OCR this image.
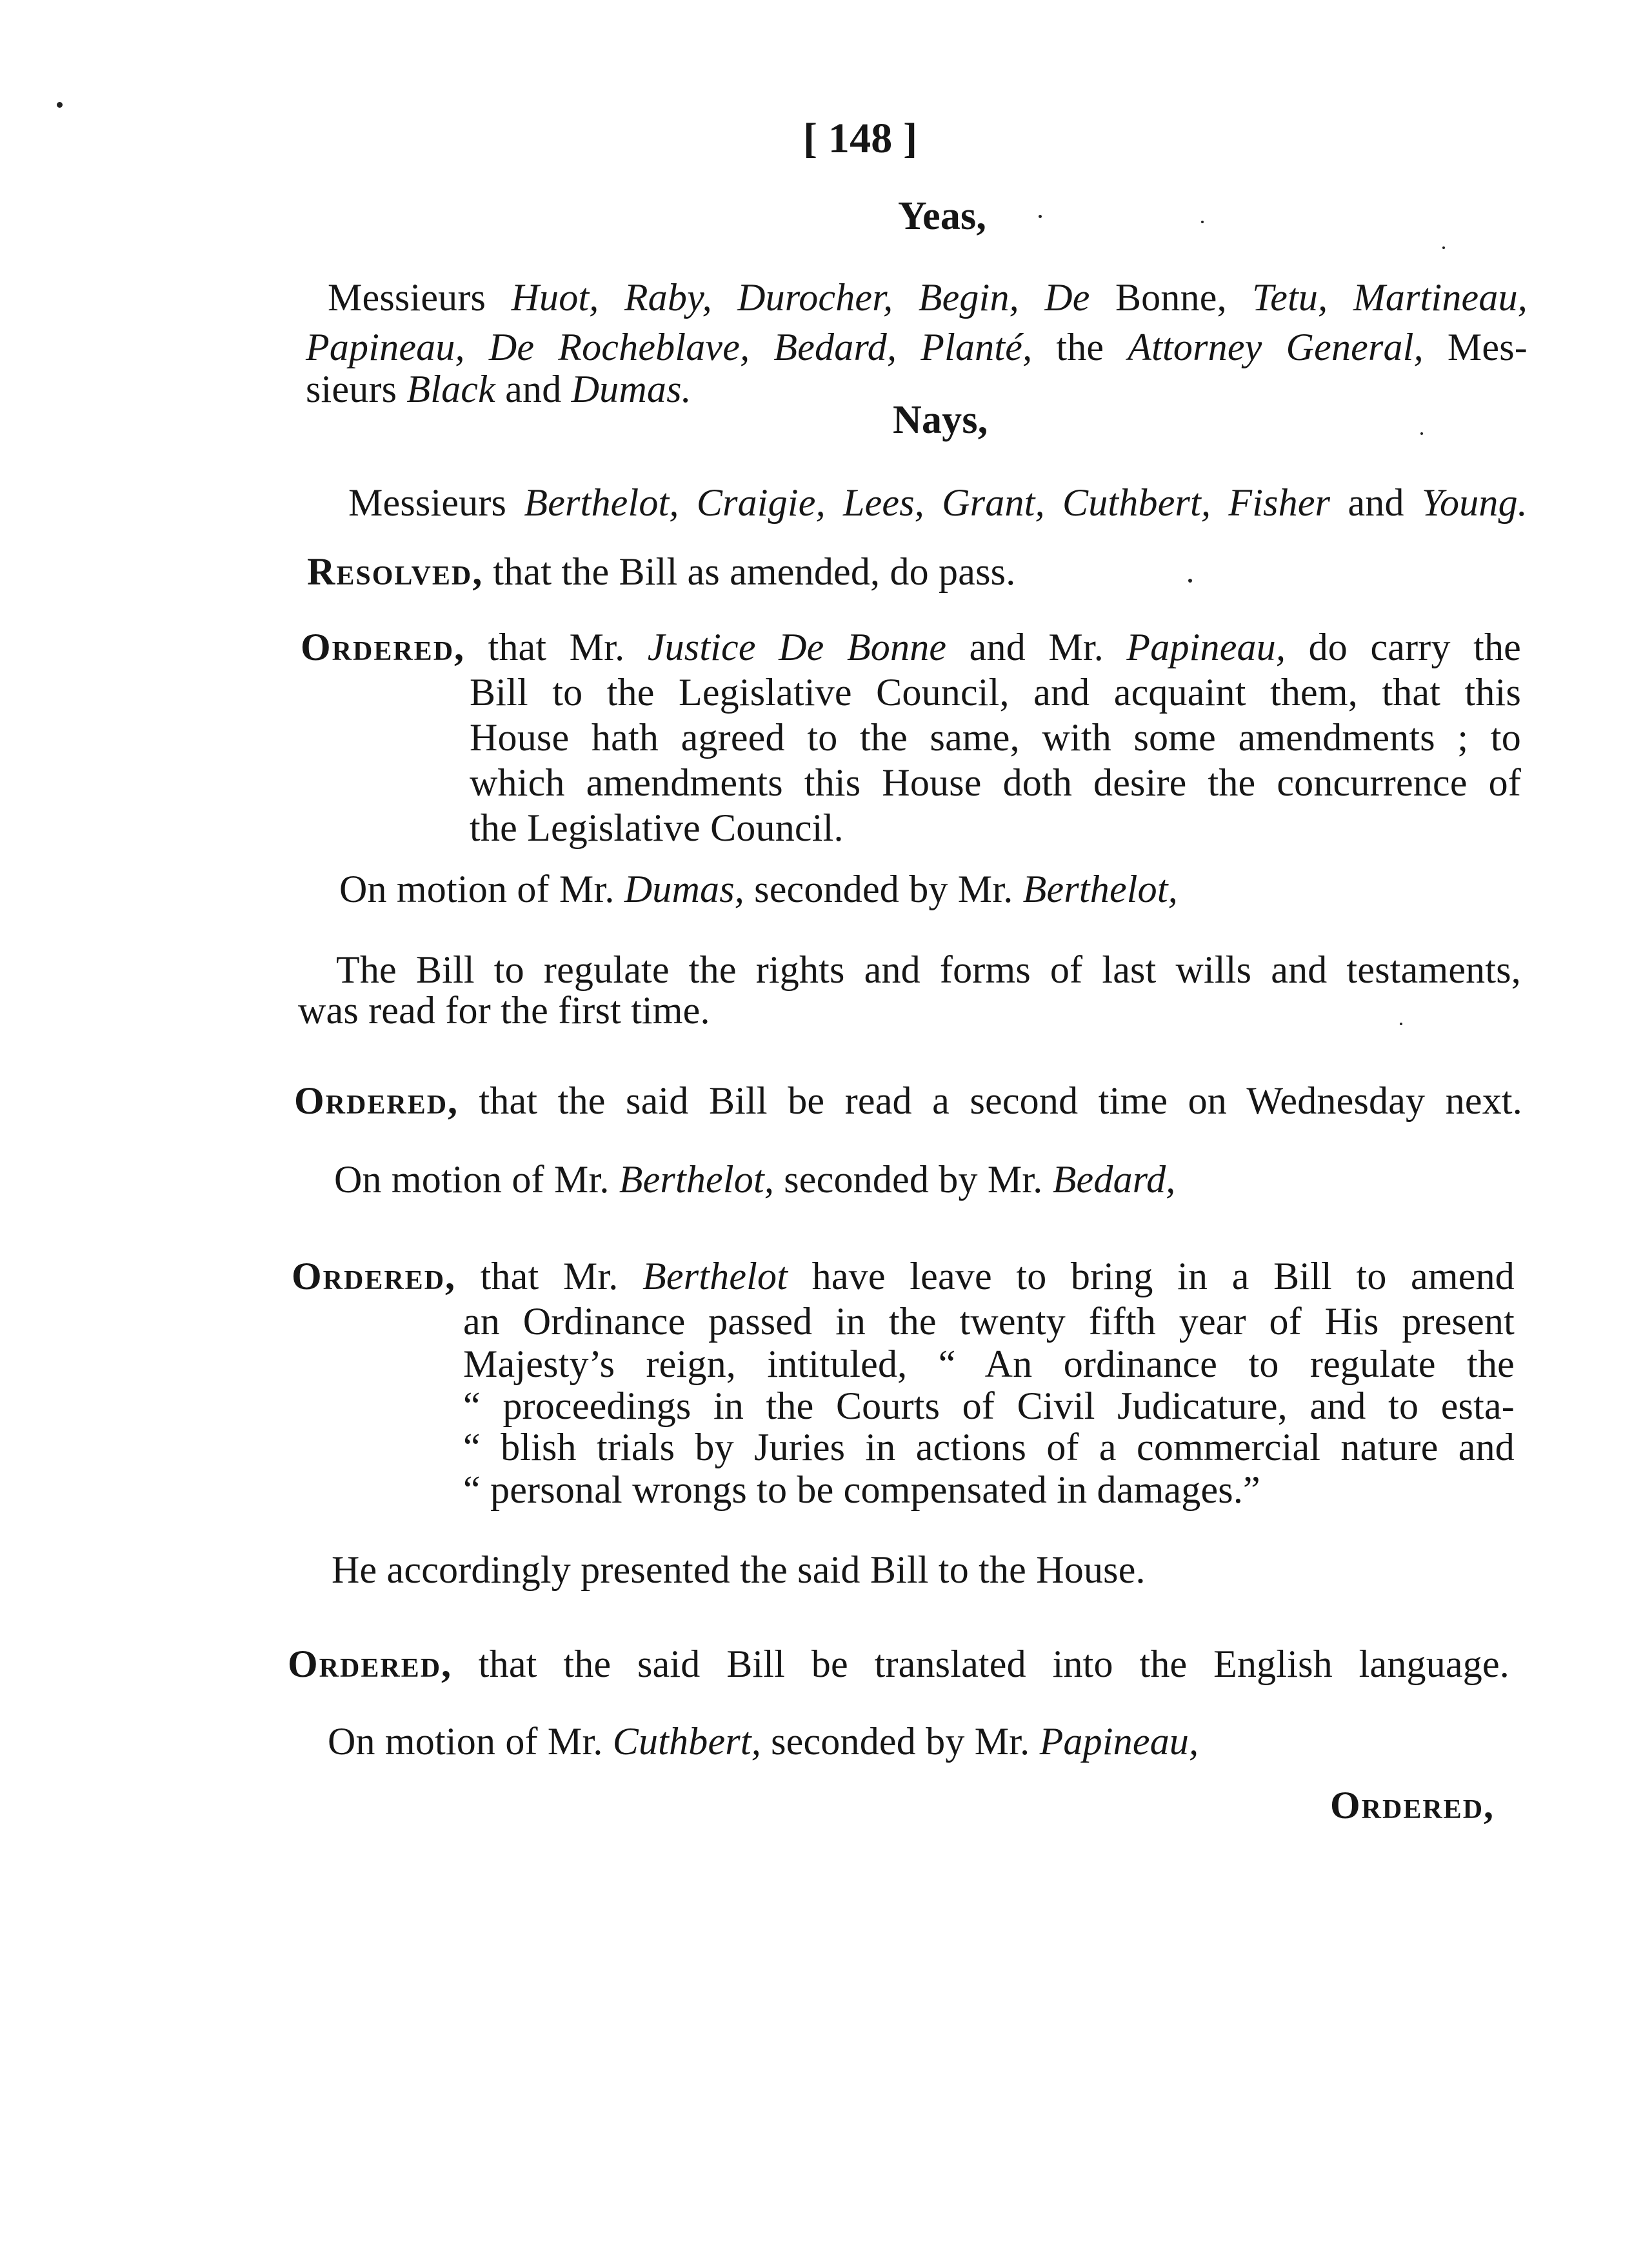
[ 148 ]
Yeas,
Messieurs Huot, Raby, Durocher, Begin, De Bonne, Tetu, Martineau,
Papineau, De Rocheblave, Bedard, Planté, the Attorney General, Mes-
sieurs Black and Dumas.
Nays,
Messieurs Berthelot, Craigie, Lees, Grant, Cuthbert, Fisher and Young.
Resolved, that the Bill as amended, do pass.
Ordered, that Mr. Justice De Bonne and Mr. Papineau, do carry the
Bill to the Legislative Council, and acquaint them, that this
House hath agreed to the same, with some amendments ; to
which amendments this House doth desire the concurrence of
the Legislative Council.
On motion of Mr. Dumas, seconded by Mr. Berthelot,
The Bill to regulate the rights and forms of last wills and testaments,
was read for the first time.
Ordered, that the said Bill be read a second time on Wednesday next.
On motion of Mr. Berthelot, seconded by Mr. Bedard,
Ordered, that Mr. Berthelot have leave to bring in a Bill to amend
an Ordinance passed in the twenty fifth year of His present
Majesty’s reign, intituled, “ An ordinance to regulate the
“ proceedings in the Courts of Civil Judicature, and to esta-
“ blish trials by Juries in actions of a commercial nature and
“ personal wrongs to be compensated in damages.”
He accordingly presented the said Bill to the House.
Ordered, that the said Bill be translated into the English language.
On motion of Mr. Cuthbert, seconded by Mr. Papineau,
Ordered,
